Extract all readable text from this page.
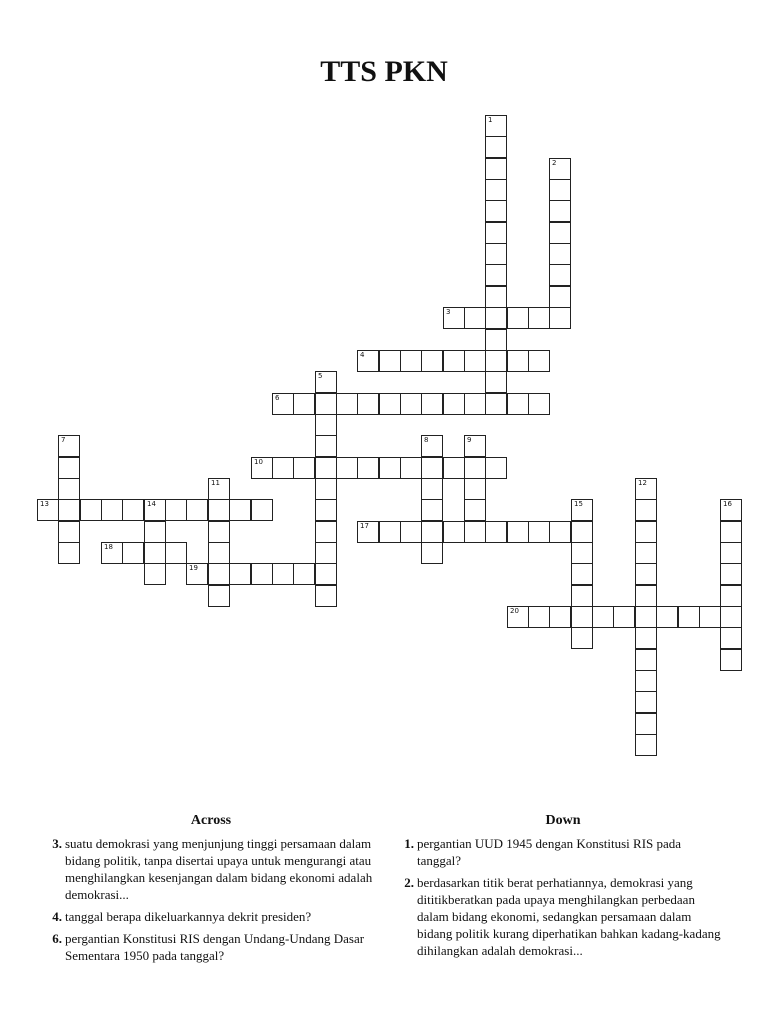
TTS PKN
1
2
3
4
5
6
7	8	9
10
11	12
13	14	15	16
17
18
19
20
Across
3. suatu demokrasi yang menjunjung tinggi persamaan dalam bidang politik, tanpa disertai upaya untuk mengurangi atau menghilangkan kesenjangan dalam bidang ekonomi adalah demokrasi...
4. tanggal berapa dikeluarkannya dekrit presiden?
6. pergantian Konstitusi RIS dengan Undang-Undang Dasar Sementara 1950 pada tanggal?
Down
1. pergantian UUD 1945 dengan Konstitusi RIS pada tanggal?
2. berdasarkan titik berat perhatiannya, demokrasi yang dititikberatkan pada upaya menghilangkan perbedaan dalam bidang ekonomi, sedangkan persamaan dalam bidang politik kurang diperhatikan bahkan kadang-kadang dihilangkan adalah demokrasi...
